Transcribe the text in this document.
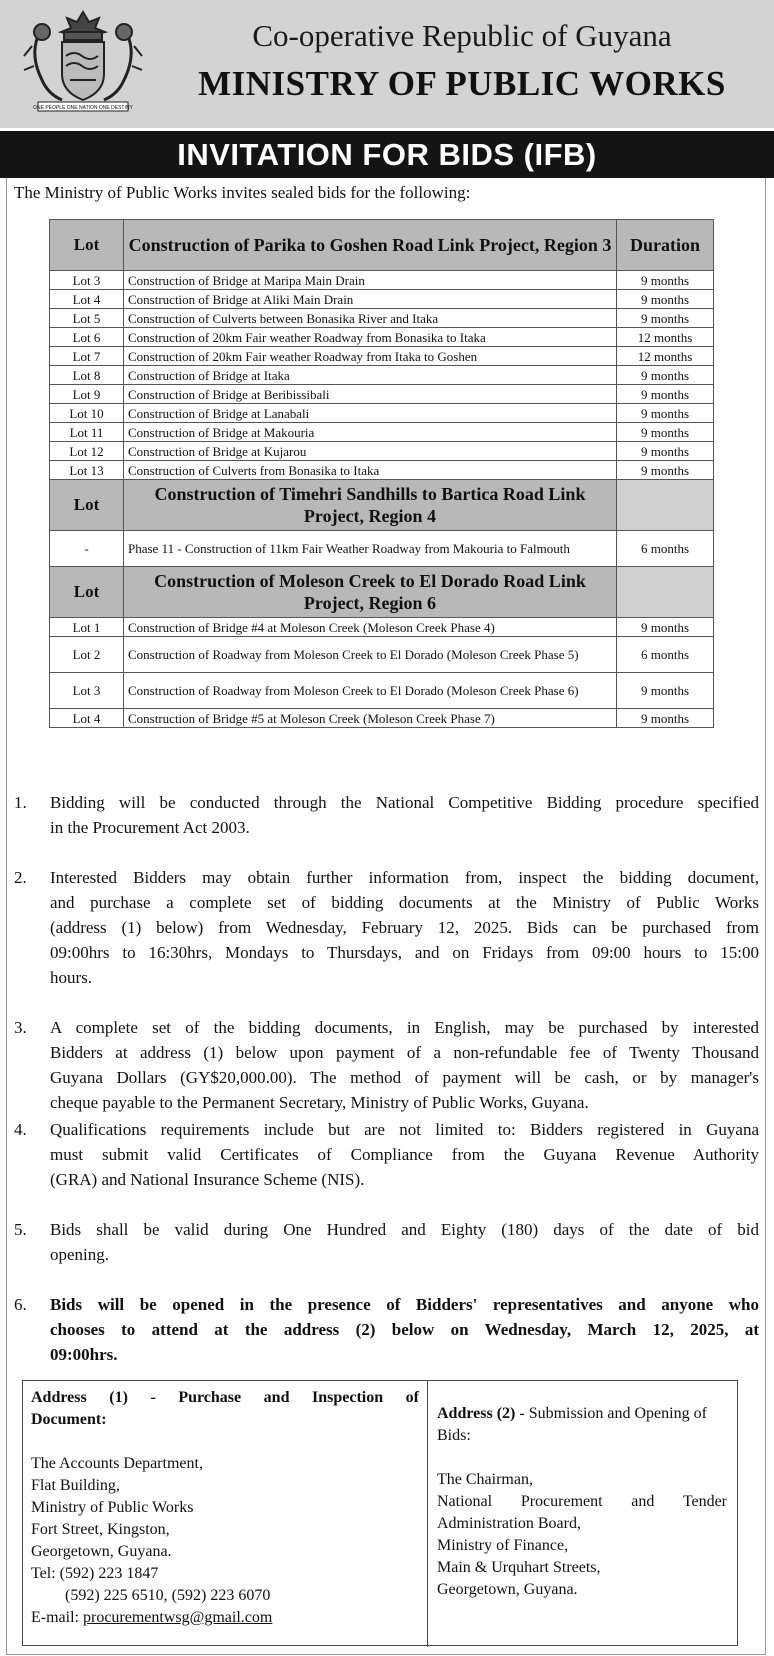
ONE PEOPLE ONE NATION ONE DESTINY
Co-operative Republic of Guyana
MINISTRY OF PUBLIC WORKS
INVITATION FOR BIDS (IFB)
The Ministry of Public Works invites sealed bids for the following:
Lot	Construction of Parika to Goshen Road Link Project, Region 3	Duration
Lot 3	Construction of Bridge at Maripa Main Drain	9 months
Lot 4	Construction of Bridge at Aliki Main Drain	9 months
Lot 5	Construction of Culverts between Bonasika River and Itaka	9 months
Lot 6	Construction of 20km Fair weather Roadway from Bonasika to Itaka	12 months
Lot 7	Construction of 20km Fair weather Roadway from Itaka to Goshen	12 months
Lot 8	Construction of Bridge at Itaka	9 months
Lot 9	Construction of Bridge at Beribissibali	9 months
Lot 10	Construction of Bridge at Lanabali	9 months
Lot 11	Construction of Bridge at Makouria	9 months
Lot 12	Construction of Bridge at Kujarou	9 months
Lot 13	Construction of Culverts from Bonasika to Itaka	9 months
Lot	Construction of Timehri Sandhills to Bartica Road Link Project, Region 4	
-	Phase 11 - Construction of 11km Fair Weather Roadway from Makouria to Falmouth	6 months
Lot	Construction of Moleson Creek to El Dorado Road Link Project, Region 6	
Lot 1	Construction of Bridge #4 at Moleson Creek (Moleson Creek Phase 4)	9 months
Lot 2	Construction of Roadway from Moleson Creek to El Dorado (Moleson Creek Phase 5)	6 months
Lot 3	Construction of Roadway from Moleson Creek to El Dorado (Moleson Creek Phase 6)	9 months
Lot 4	Construction of Bridge #5 at Moleson Creek (Moleson Creek Phase 7)	9 months
1.	Bidding will be conducted through the National Competitive Bidding procedure specified
in the Procurement Act 2003.
2.	Interested Bidders may obtain further information from, inspect the bidding document,
and purchase a complete set of bidding documents at the Ministry of Public Works
(address (1) below) from Wednesday, February 12, 2025. Bids can be purchased from
09:00hrs to 16:30hrs, Mondays to Thursdays, and on Fridays from 09:00 hours to 15:00
hours.
3.	A complete set of the bidding documents, in English, may be purchased by interested
Bidders at address (1) below upon payment of a non-refundable fee of Twenty Thousand
Guyana Dollars (GY$20,000.00). The method of payment will be cash, or by manager's
cheque payable to the Permanent Secretary, Ministry of Public Works, Guyana.
4.	Qualifications requirements include but are not limited to: Bidders registered in Guyana
must submit valid Certificates of Compliance from the Guyana Revenue Authority
(GRA) and National Insurance Scheme (NIS).
5.	Bids shall be valid during One Hundred and Eighty (180) days of the date of bid
opening.
6.	Bids will be opened in the presence of Bidders' representatives and anyone who
chooses to attend at the address (2) below on Wednesday, March 12, 2025, at
09:00hrs.
Address (1) - Purchase and Inspection of
Document:
The Accounts Department,
Flat Building,
Ministry of Public Works
Fort Street, Kingston,
Georgetown, Guyana.
Tel: (592) 223 1847
(592) 225 6510, (592) 223 6070
E-mail: procurementwsg@gmail.com
Address (2) - Submission and Opening of Bids:
The Chairman,
National Procurement and Tender
Administration Board,
Ministry of Finance,
Main & Urquhart Streets,
Georgetown, Guyana.
